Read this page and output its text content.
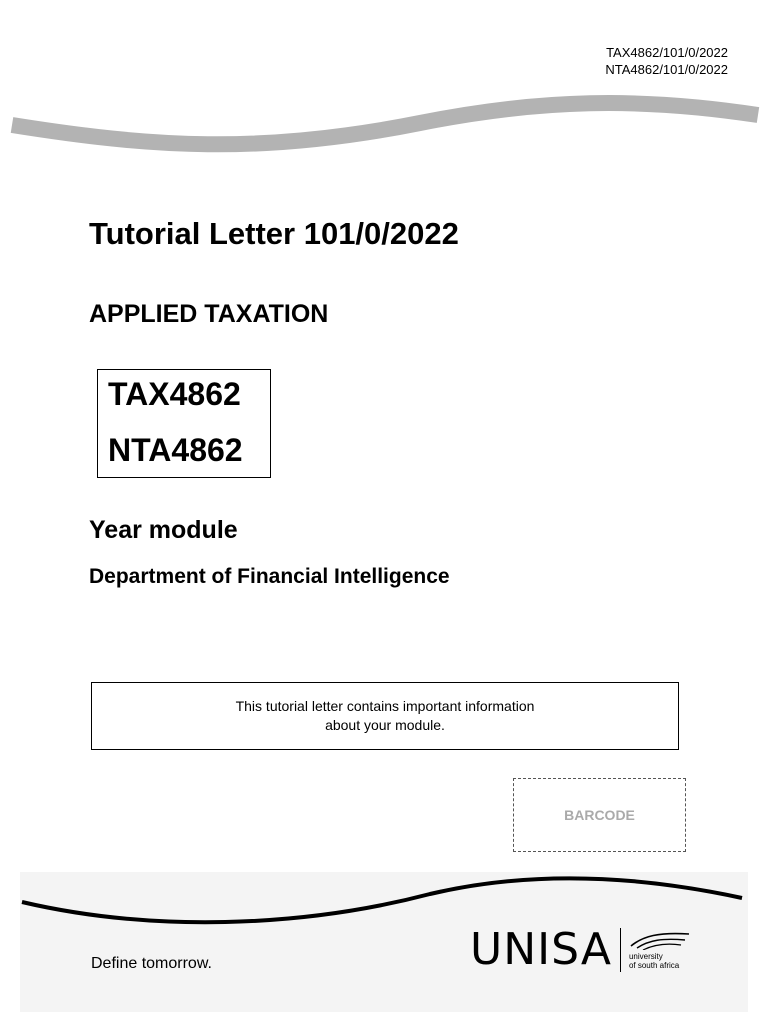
TAX4862/101/0/2022
NTA4862/101/0/2022
Tutorial Letter 101/0/2022
APPLIED TAXATION
TAX4862
NTA4862
Year module
Department of Financial Intelligence
This tutorial letter contains important information
about your module.
BARCODE
Define tomorrow.	UNISA university
of south africa
